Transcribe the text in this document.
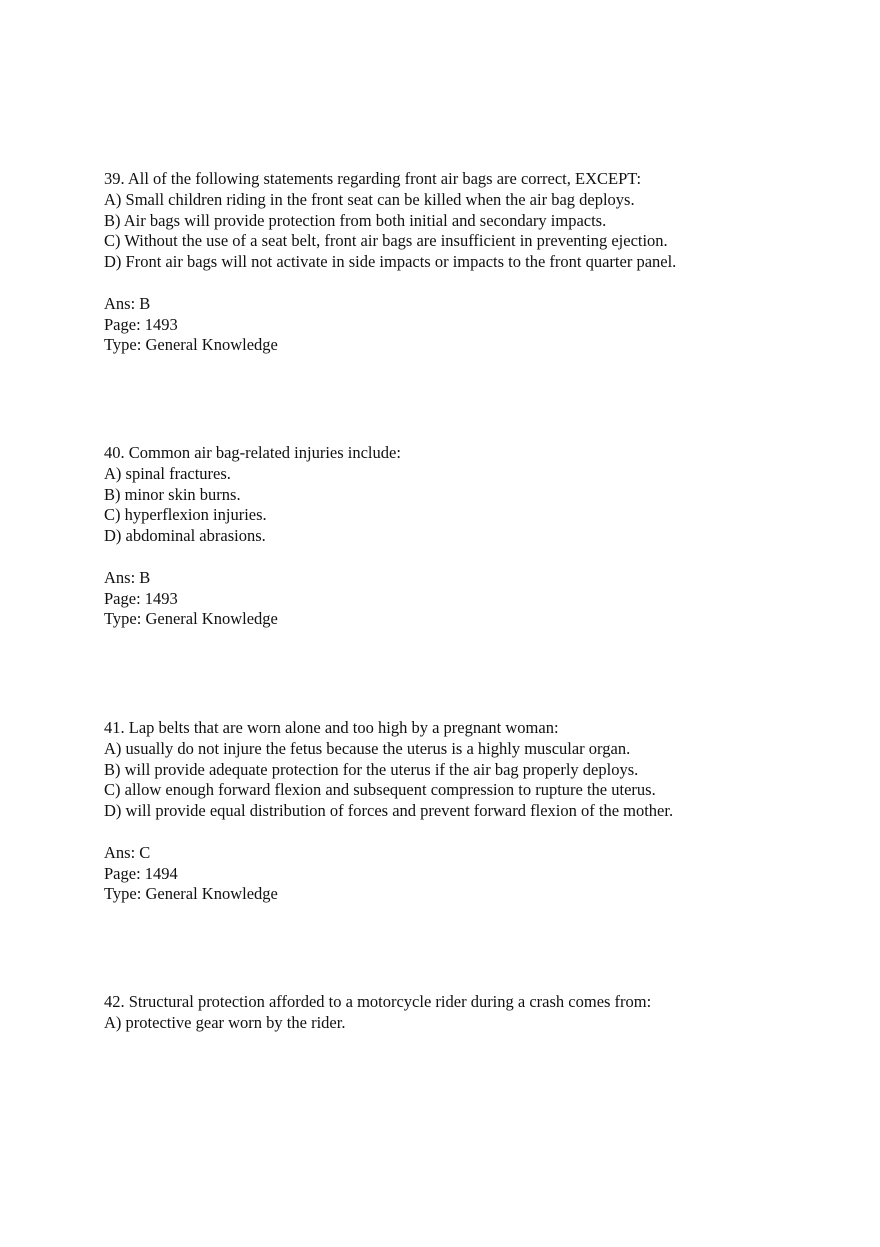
39. All of the following statements regarding front air bags are correct, EXCEPT:
A) Small children riding in the front seat can be killed when the air bag deploys.
B) Air bags will provide protection from both initial and secondary impacts.
C) Without the use of a seat belt, front air bags are insufficient in preventing ejection.
D) Front air bags will not activate in side impacts or impacts to the front quarter panel.
Ans: B
Page: 1493
Type: General Knowledge
40. Common air bag-related injuries include:
A) spinal fractures.
B) minor skin burns.
C) hyperflexion injuries.
D) abdominal abrasions.
Ans: B
Page: 1493
Type: General Knowledge
41. Lap belts that are worn alone and too high by a pregnant woman:
A) usually do not injure the fetus because the uterus is a highly muscular organ.
B) will provide adequate protection for the uterus if the air bag properly deploys.
C) allow enough forward flexion and subsequent compression to rupture the uterus.
D) will provide equal distribution of forces and prevent forward flexion of the mother.
Ans: C
Page: 1494
Type: General Knowledge
42. Structural protection afforded to a motorcycle rider during a crash comes from:
A) protective gear worn by the rider.
